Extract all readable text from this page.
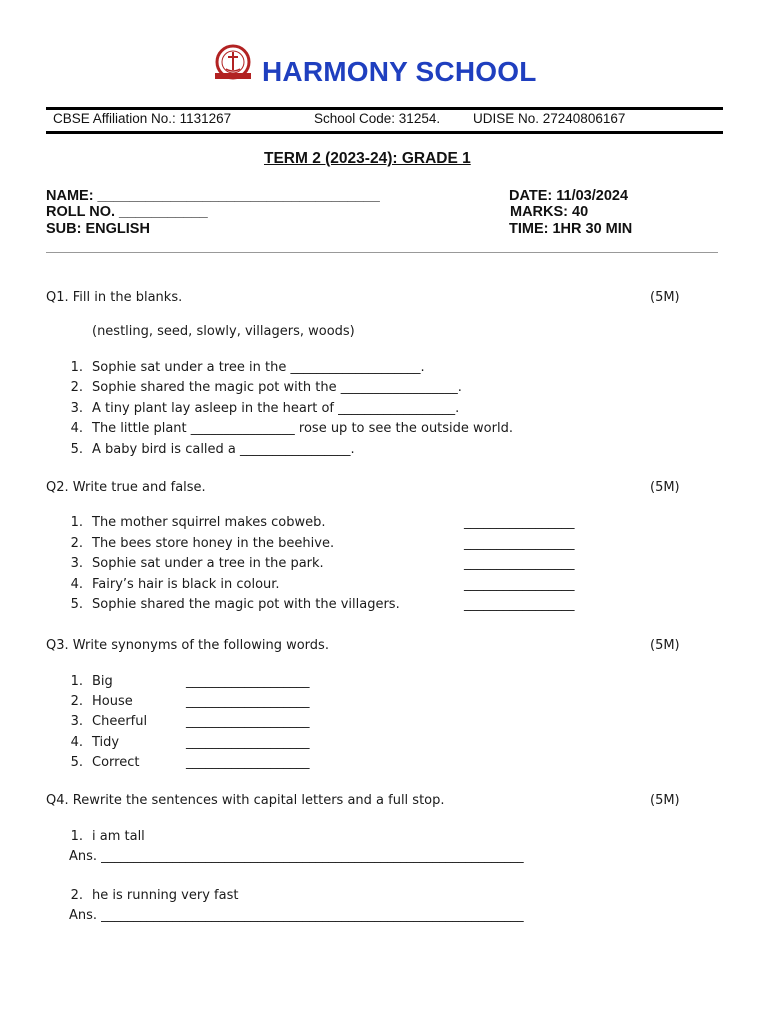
HARMONY SCHOOL
CBSE Affiliation No.: 1131267	School Code: 31254. UDISE No. 27240806167
TERM 2 (2023-24): GRADE 1
NAME: ___________________________________
ROLL NO. ___________
SUB: ENGLISH
DATE: 11/03/2024
MARKS: 40
TIME: 1HR 30 MIN
Q1. Fill in the blanks.	(5M)
(nestling, seed, slowly, villagers, woods)
1. Sophie sat under a tree in the ____________________.
2. Sophie shared the magic pot with the __________________.
3. A tiny plant lay asleep in the heart of __________________.
4. The little plant ________________ rose up to see the outside world.
5. A baby bird is called a _________________.
Q2. Write true and false.	(5M)
1. The mother squirrel makes cobweb.	_________________
2. The bees store honey in the beehive.	_________________
3. Sophie sat under a tree in the park.	_________________
4. Fairy’s hair is black in colour.	_________________
5. Sophie shared the magic pot with the villagers.	_________________
Q3. Write synonyms of the following words.	(5M)
1. Big	___________________
2. House	___________________
3. Cheerful	___________________
4. Tidy	___________________
5. Correct	___________________
Q4. Rewrite the sentences with capital letters and a full stop.	(5M)
1. i am tall
Ans. _________________________________________________________________
2. he is running very fast
Ans. _________________________________________________________________
